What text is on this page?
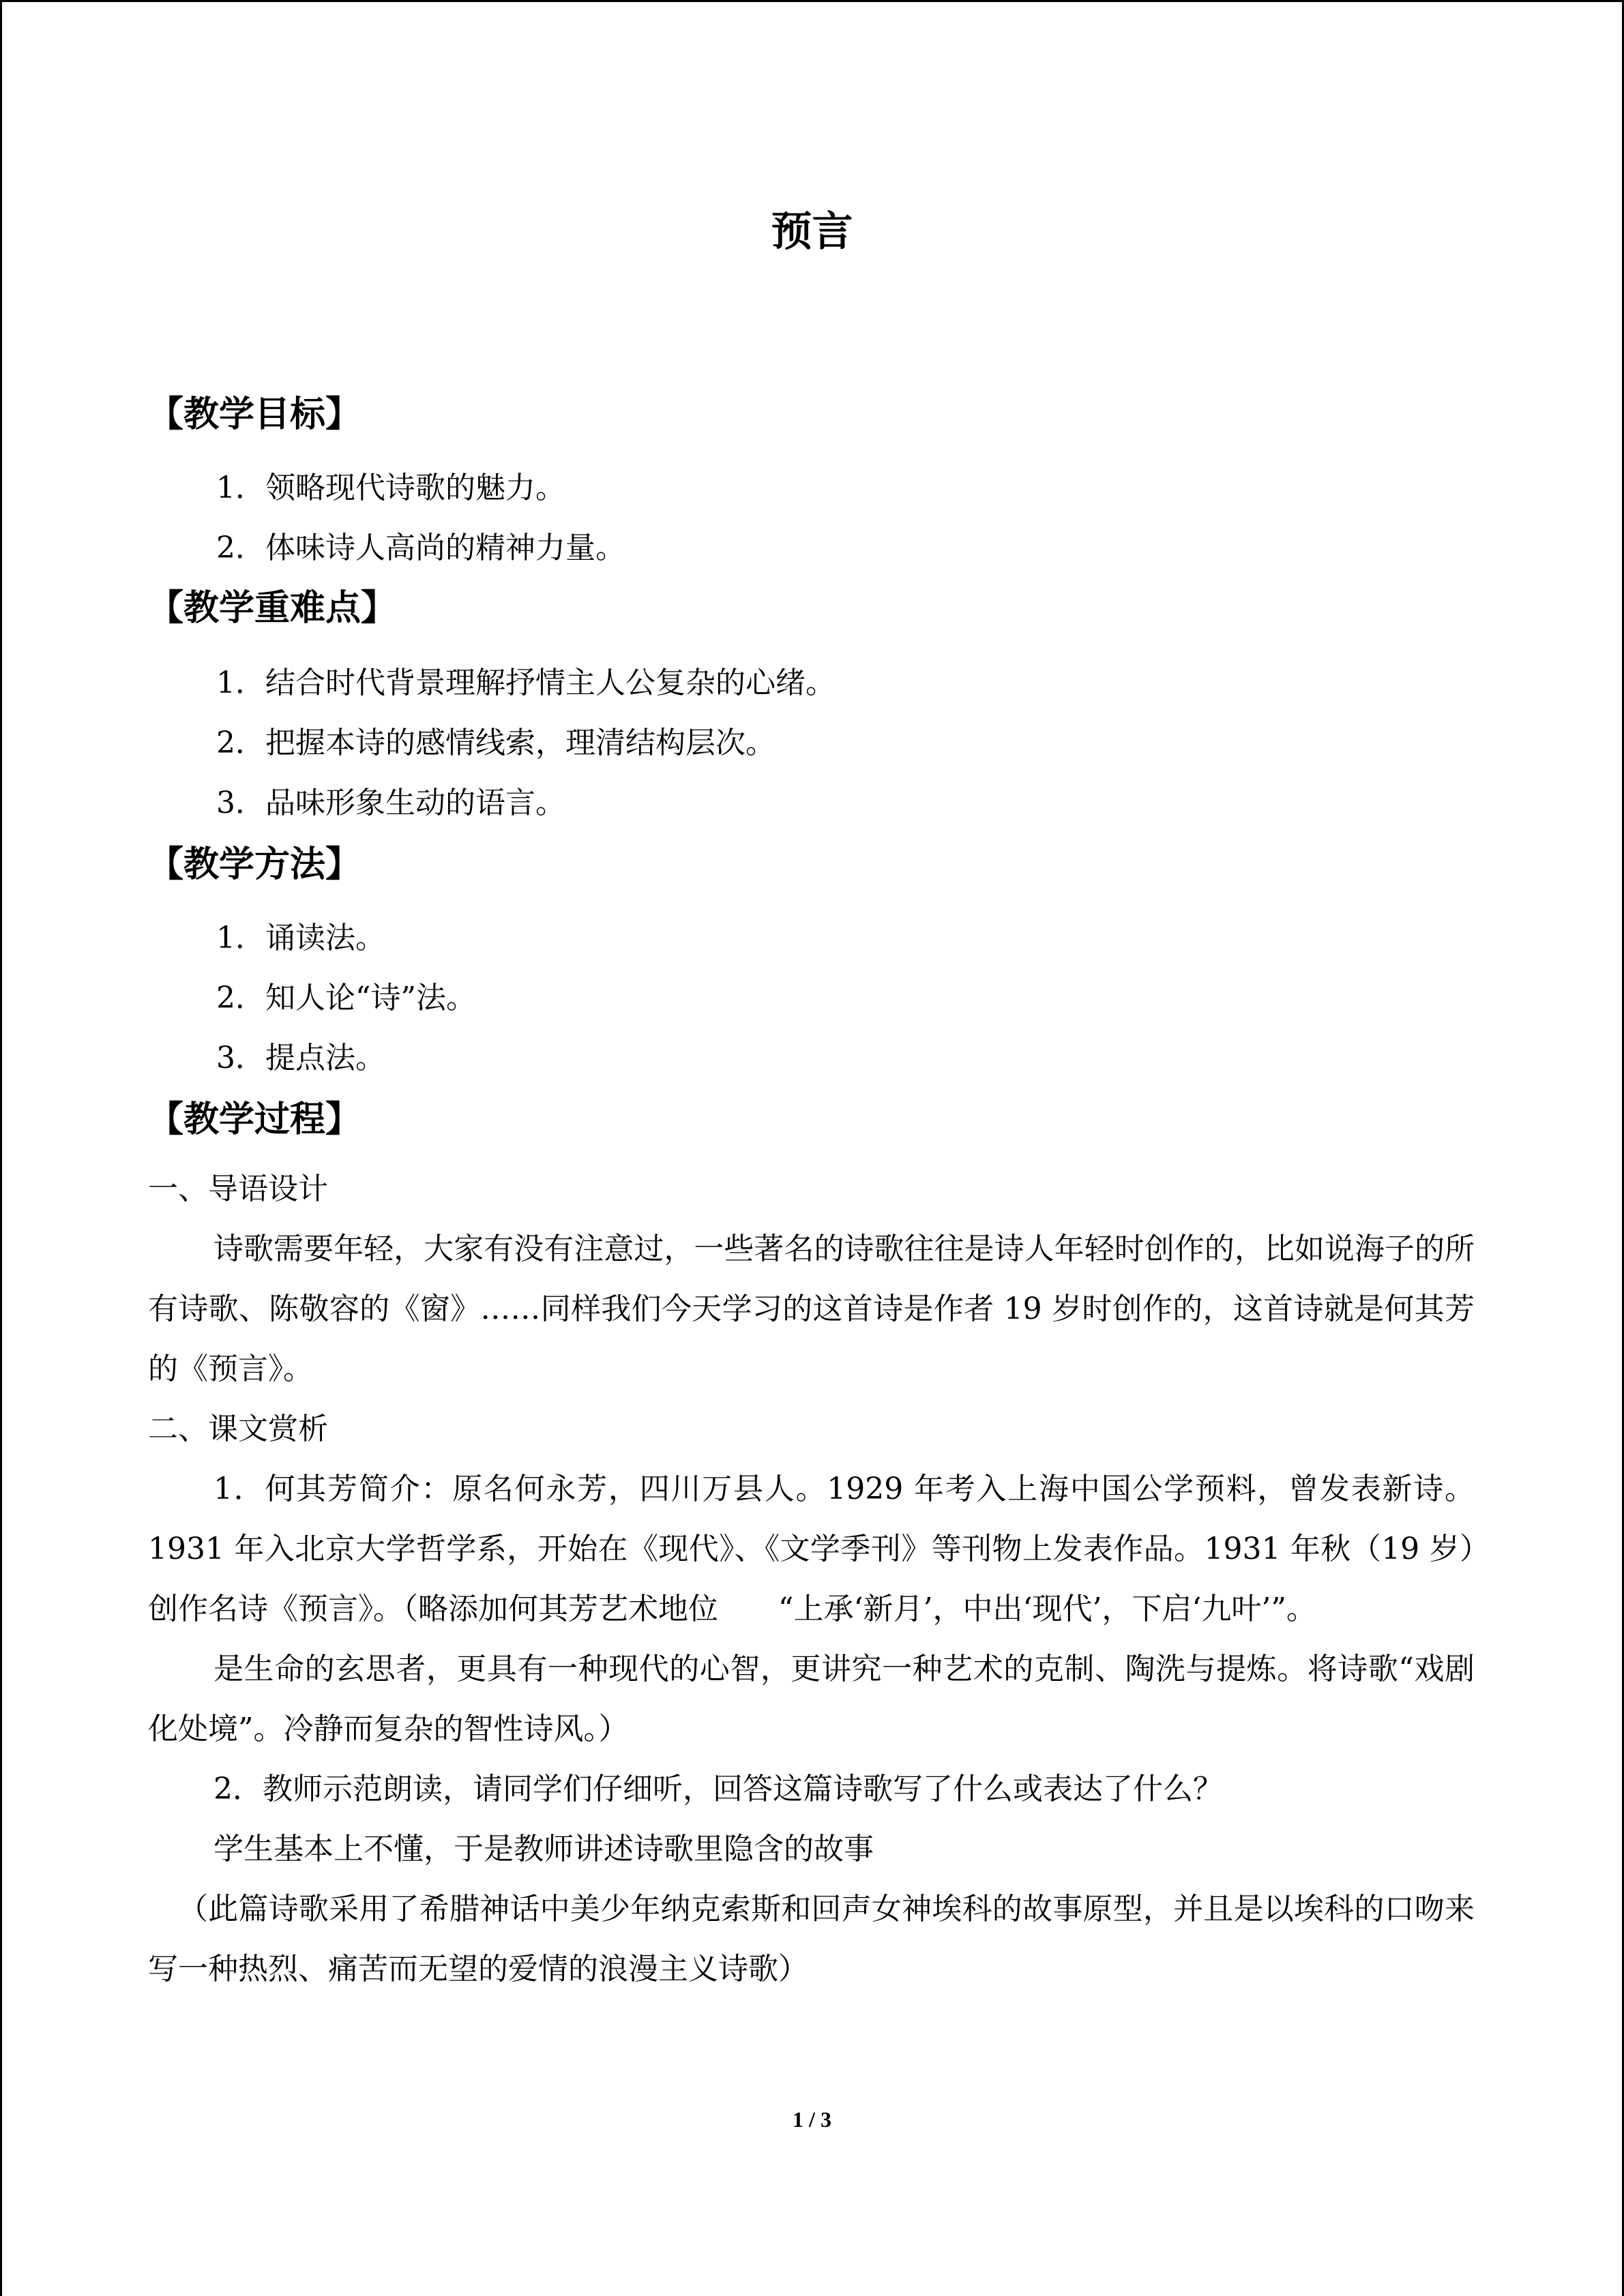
预言
【教学目标】
1．领略现代诗歌的魅力。
2．体味诗人高尚的精神力量。
【教学重难点】
1．结合时代背景理解抒情主人公复杂的心绪。
2．把握本诗的感情线索，理清结构层次。
3．品味形象生动的语言。
【教学方法】
1．诵读法。
2．知人论“诗”法。
3．提点法。
【教学过程】
一、导语设计
诗歌需要年轻，大家有没有注意过，一些著名的诗歌往往是诗人年轻时创作的，比如说海子的所有诗歌、陈敬容的《窗》……同样我们今天学习的这首诗是作者 19 岁时创作的，这首诗就是何其芳的《预言》。
二、课文赏析
1．何其芳简介：原名何永芳，四川万县人。1929 年考入上海中国公学预料，曾发表新诗。1931 年入北京大学哲学系，开始在《现代》、《文学季刊》等刊物上发表作品。1931 年秋（19 岁）创作名诗《预言》。（略添加何其芳艺术地位　　“上承‘新月’，中出‘现代’，下启‘九叶’”。
是生命的玄思者，更具有一种现代的心智，更讲究一种艺术的克制、陶洗与提炼。将诗歌“戏剧化处境”。冷静而复杂的智性诗风。）
2．教师示范朗读，请同学们仔细听，回答这篇诗歌写了什么或表达了什么？
学生基本上不懂，于是教师讲述诗歌里隐含的故事
（此篇诗歌采用了希腊神话中美少年纳克索斯和回声女神埃科的故事原型，并且是以埃科的口吻来写一种热烈、痛苦而无望的爱情的浪漫主义诗歌）
1 / 3
